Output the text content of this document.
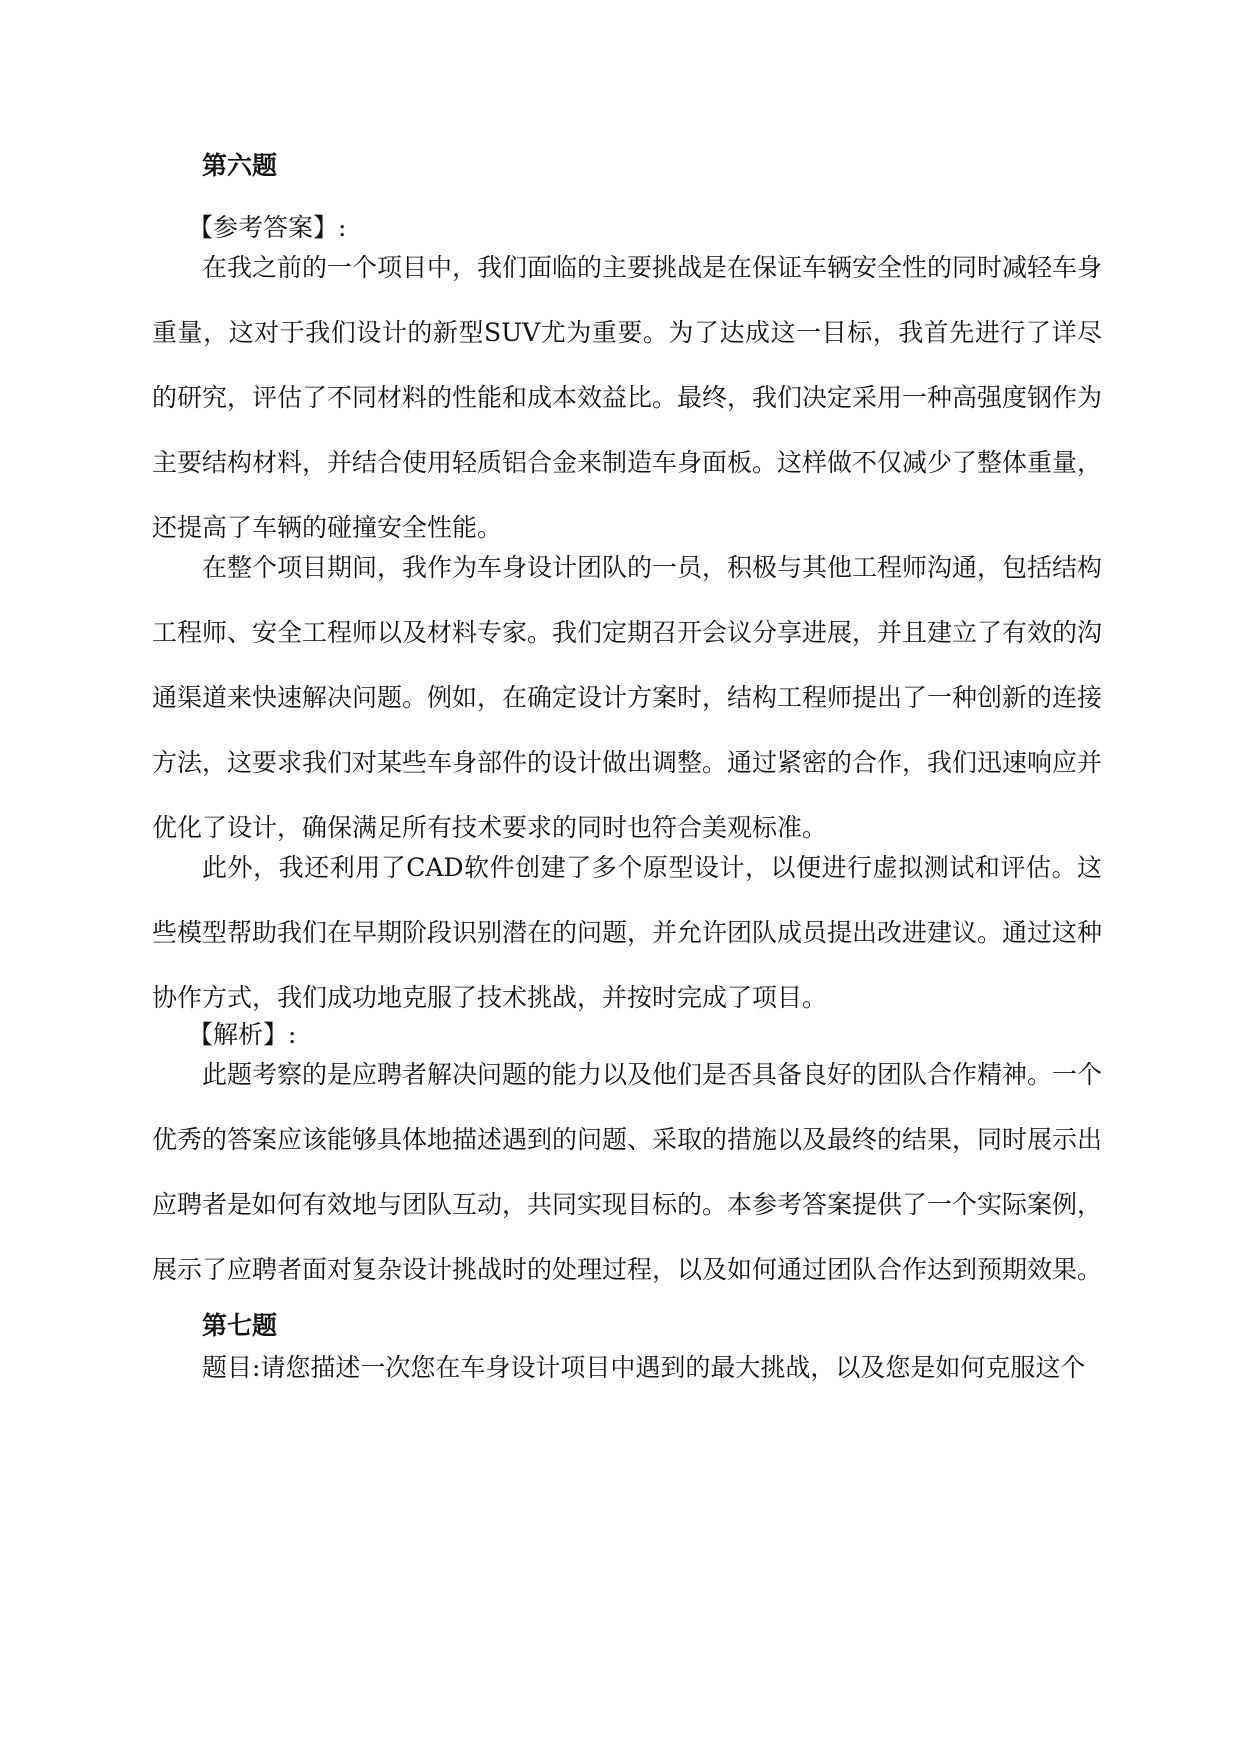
第六题

【参考答案】:

在我之前的一个项目中，我们面临的主要挑战是在保证车辆安全性的同时减轻车身重量，这对于我们设计的新型SUV尤为重要。为了达成这一目标，我首先进行了详尽的研究，评估了不同材料的性能和成本效益比。最终，我们决定采用一种高强度钢作为主要结构材料，并结合使用轻质铝合金来制造车身面板。这样做不仅减少了整体重量，还提高了车辆的碰撞安全性能。

在整个项目期间，我作为车身设计团队的一员，积极与其他工程师沟通，包括结构工程师、安全工程师以及材料专家。我们定期召开会议分享进展，并且建立了有效的沟通渠道来快速解决问题。例如，在确定设计方案时，结构工程师提出了一种创新的连接方法，这要求我们对某些车身部件的设计做出调整。通过紧密的合作，我们迅速响应并优化了设计，确保满足所有技术要求的同时也符合美观标准。

此外，我还利用了CAD软件创建了多个原型设计，以便进行虚拟测试和评估。这些模型帮助我们在早期阶段识别潜在的问题，并允许团队成员提出改进建议。通过这种协作方式，我们成功地克服了技术挑战，并按时完成了项目。

【解析】:

此题考察的是应聘者解决问题的能力以及他们是否具备良好的团队合作精神。一个优秀的答案应该能够具体地描述遇到的问题、采取的措施以及最终的结果，同时展示出应聘者是如何有效地与团队互动，共同实现目标的。本参考答案提供了一个实际案例，展示了应聘者面对复杂设计挑战时的处理过程，以及如何通过团队合作达到预期效果。

第七题

题目:请您描述一次您在车身设计项目中遇到的最大挑战，以及您是如何克服这个
